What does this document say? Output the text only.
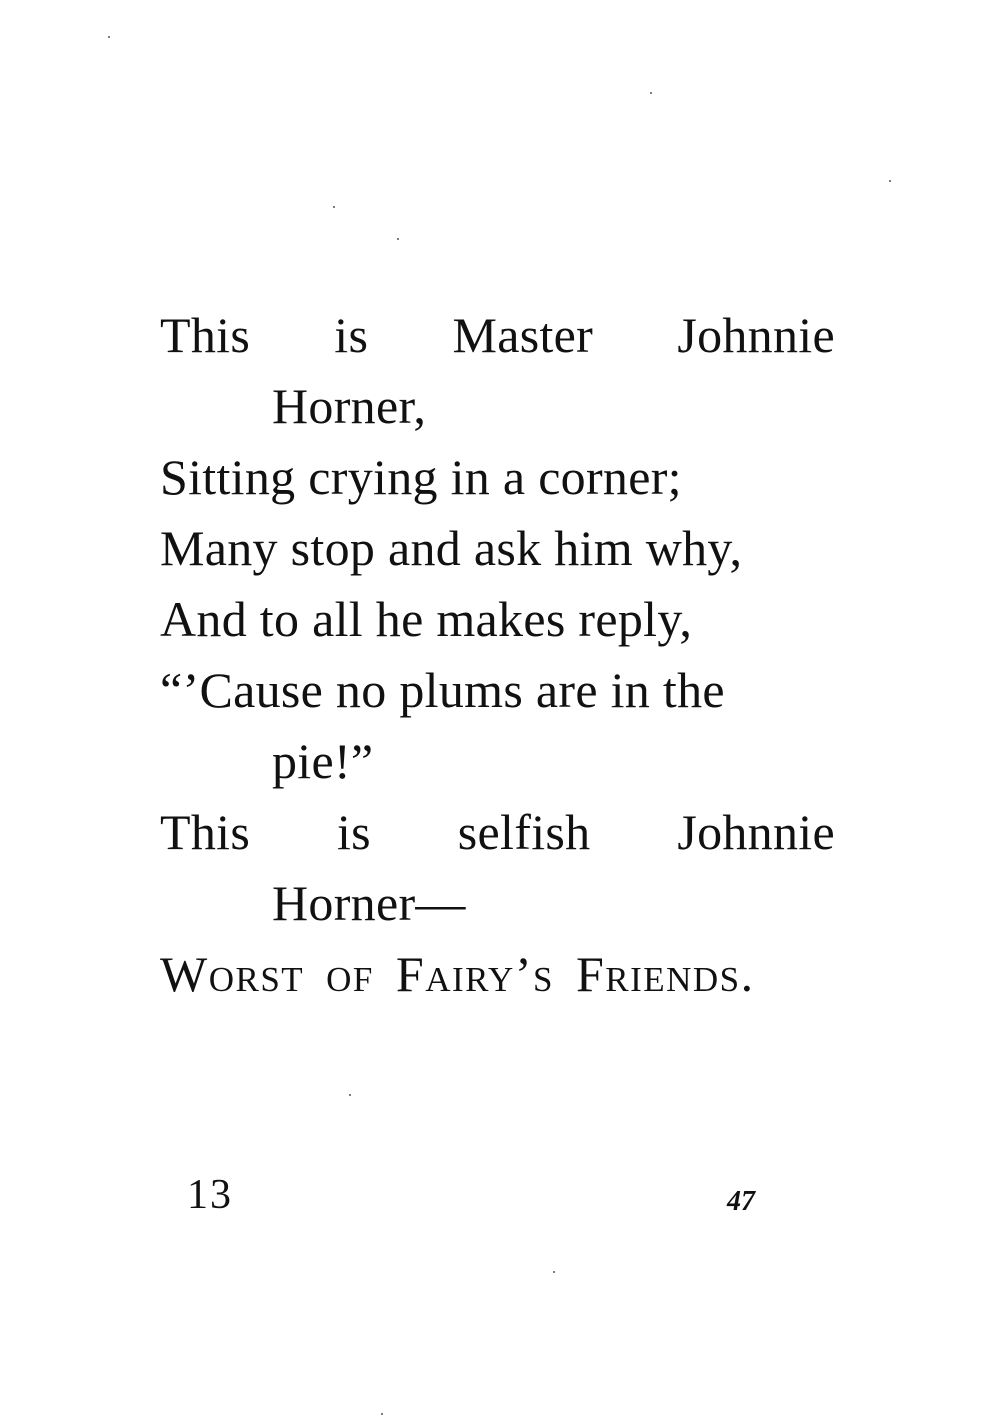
This is Master Johnnie
Horner,
Sitting crying in a corner;
Many stop and ask him why,
And to all he makes reply,
“’Cause no plums are in the
pie!”
This is selfish Johnnie
Horner—
Worst of Fairy’s Friends.
13	47
